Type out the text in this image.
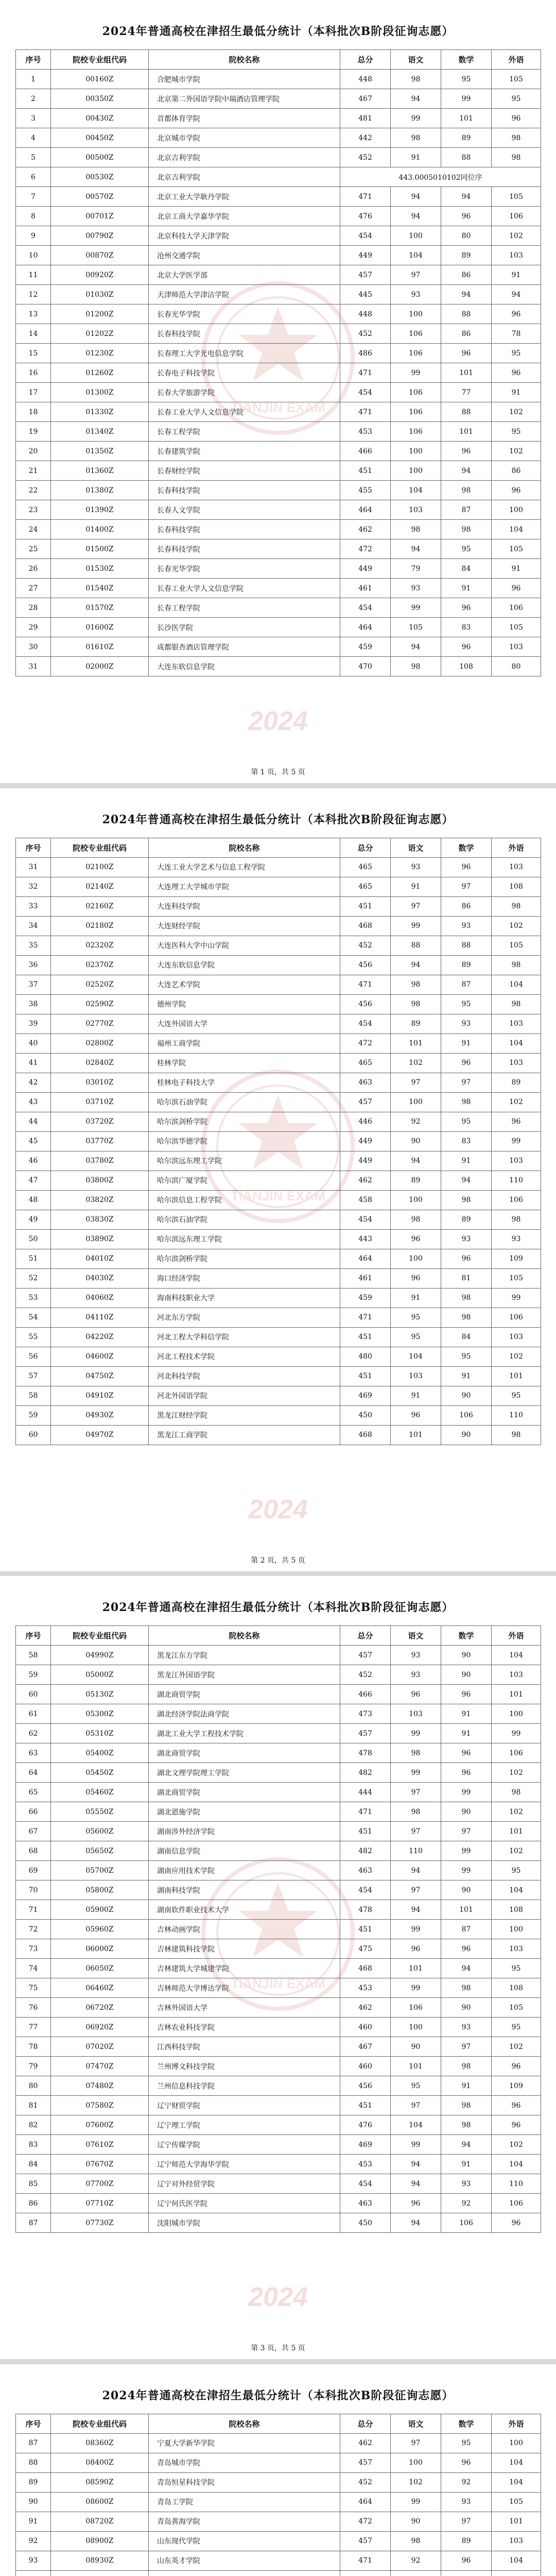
TIANJIN EXAM
2024年普通高校在津招生最低分统计（本科批次B阶段征询志愿）
序号	院校专业组代码	院校名称	总分	语文	数学	外语
1	00160Z	合肥城市学院	448	98	95	105
2	00350Z	北京第二外国语学院中瑞酒店管理学院	467	94	99	95
3	00430Z	首都体育学院	481	99	101	96
4	00450Z	北京城市学院	442	98	89	98
5	00500Z	北京吉利学院	452	91	88	98
6	00530Z	北京吉利学院	443.0005010102同位序			
7	00570Z	北京工业大学耿丹学院	471	94	94	105
8	00701Z	北京工商大学嘉华学院	476	94	96	106
9	00790Z	北京科技大学天津学院	454	100	80	102
10	00870Z	沧州交通学院	449	104	89	103
11	00920Z	北京大学医学部	457	97	86	91
12	01030Z	天津师范大学津沽学院	445	93	94	94
13	01200Z	长春光华学院	448	100	88	96
14	01202Z	长春科技学院	452	106	86	78
15	01230Z	长春理工大学光电信息学院	486	106	96	95
16	01260Z	长春电子科技学院	471	99	101	96
17	01300Z	长春大学旅游学院	454	106	77	91
18	01330Z	长春工业大学人文信息学院	471	106	88	102
19	01340Z	长春工程学院	453	106	101	95
20	01350Z	长春建筑学院	466	100	96	102
21	01360Z	长春财经学院	451	100	94	86
22	01380Z	长春科技学院	455	104	98	96
23	01390Z	长春人文学院	464	103	87	100
24	01400Z	长春科技学院	462	98	98	104
25	01500Z	长春科技学院	472	94	95	105
26	01530Z	长春光华学院	449	79	84	91
27	01540Z	长春工业大学人文信息学院	461	93	91	96
28	01570Z	长春工程学院	454	99	96	106
29	01600Z	长沙医学院	464	105	83	105
30	01610Z	成都银杏酒店管理学院	459	94	96	103
31	02000Z	大连东软信息学院	470	98	108	80
2024
第 1 页，共 5 页
TIANJIN EXAM
2024年普通高校在津招生最低分统计（本科批次B阶段征询志愿）
序号	院校专业组代码	院校名称	总分	语文	数学	外语
31	02100Z	大连工业大学艺术与信息工程学院	465	93	96	103
32	02140Z	大连理工大学城市学院	465	91	97	108
33	02160Z	大连科技学院	451	97	86	98
34	02180Z	大连财经学院	468	99	93	102
35	02320Z	大连医科大学中山学院	452	88	88	105
36	02370Z	大连东软信息学院	456	94	89	98
37	02520Z	大连艺术学院	471	98	87	104
38	02590Z	德州学院	456	98	95	98
39	02770Z	大连外国语大学	454	89	93	103
40	02800Z	福州工商学院	472	101	91	104
41	02840Z	桂林学院	465	102	96	103
42	03010Z	桂林电子科技大学	463	97	97	89
43	03710Z	哈尔滨石油学院	457	100	98	102
44	03720Z	哈尔滨剑桥学院	446	92	95	96
45	03770Z	哈尔滨华德学院	449	90	83	99
46	03780Z	哈尔滨远东理工学院	449	94	91	103
47	03800Z	哈尔滨广厦学院	462	89	94	110
48	03820Z	哈尔滨信息工程学院	458	100	98	106
49	03830Z	哈尔滨石油学院	454	98	89	98
50	03890Z	哈尔滨远东理工学院	443	96	93	93
51	04010Z	哈尔滨剑桥学院	464	100	96	109
52	04030Z	海口经济学院	461	96	81	105
53	04060Z	海南科技职业大学	459	91	98	99
54	04110Z	河北东方学院	471	95	98	106
55	04220Z	河北工程大学科信学院	451	95	84	103
56	04600Z	河北工程技术学院	480	104	95	102
57	04750Z	河北科技学院	451	103	91	101
58	04910Z	河北外国语学院	469	91	90	95
59	04930Z	黑龙江财经学院	450	96	106	110
60	04970Z	黑龙江工商学院	468	101	90	98
2024
第 2 页，共 5 页
TIANJIN EXAM
2024年普通高校在津招生最低分统计（本科批次B阶段征询志愿）
序号	院校专业组代码	院校名称	总分	语文	数学	外语
58	04990Z	黑龙江东方学院	457	93	90	104
59	05000Z	黑龙江外国语学院	452	93	90	103
60	05130Z	湖北商贸学院	466	96	96	101
61	05300Z	湖北经济学院法商学院	473	103	91	100
62	05310Z	湖北工业大学工程技术学院	457	99	91	99
63	05400Z	湖北商贸学院	478	98	96	106
64	05450Z	湖北文理学院理工学院	482	99	96	102
65	05460Z	湖北商贸学院	444	97	99	98
66	05550Z	湖北恩施学院	471	98	90	102
67	05600Z	湖南涉外经济学院	451	97	97	101
68	05650Z	湖南信息学院	482	110	99	102
69	05700Z	湖南应用技术学院	463	94	99	95
70	05800Z	湖南科技学院	454	97	90	104
71	05900Z	湖南软件职业技术大学	478	94	101	108
72	05960Z	吉林动画学院	451	99	87	100
73	06000Z	吉林建筑科技学院	475	96	96	103
74	06050Z	吉林建筑大学城建学院	468	101	94	95
75	06460Z	吉林师范大学博达学院	453	99	98	108
76	06720Z	吉林外国语大学	462	106	90	105
77	06920Z	吉林农业科技学院	460	100	93	95
78	07020Z	江西科技学院	467	90	97	102
79	07470Z	兰州博文科技学院	460	101	98	96
80	07480Z	兰州信息科技学院	456	95	91	109
81	07580Z	辽宁财贸学院	451	97	98	96
82	07600Z	辽宁理工学院	476	104	98	96
83	07610Z	辽宁传媒学院	469	99	94	102
84	07670Z	辽宁师范大学海华学院	453	94	91	104
85	07700Z	辽宁对外经贸学院	454	94	93	110
86	07710Z	辽宁何氏医学院	463	96	92	106
87	07730Z	沈阳城市学院	450	94	106	96
2024
第 3 页，共 5 页
2024年普通高校在津招生最低分统计（本科批次B阶段征询志愿）
序号	院校专业组代码	院校名称	总分	语文	数学	外语
87	08360Z	宁夏大学新华学院	462	97	95	100
88	08400Z	青岛城市学院	457	100	96	104
89	08590Z	青岛恒星科技学院	452	102	92	104
90	08600Z	青岛工学院	464	99	93	105
91	08720Z	青岛黄海学院	472	90	97	101
92	08900Z	山东现代学院	457	98	89	103
93	08930Z	山东英才学院	471	92	96	104
